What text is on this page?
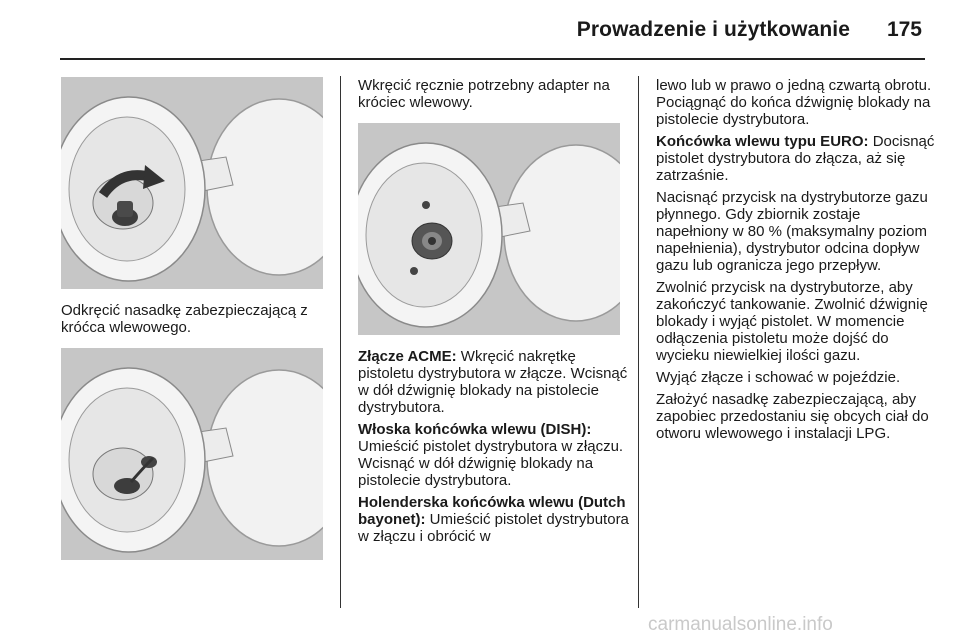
Prowadzenie i użytkowanie 175

Odkręcić nasadkę zabezpieczającą z króćca wlewowego.

Wkręcić ręcznie potrzebny adapter na króciec wlewowy.

Złącze ACME: Wkręcić nakrętkę pistoletu dystrybutora w złącze. Wcisnąć w dół dźwignię blokady na pistolecie dystrybutora.

Włoska końcówka wlewu (DISH): Umieścić pistolet dystrybutora w złączu. Wcisnąć w dół dźwignię blokady na pistolecie dystrybutora.

Holenderska końcówka wlewu (Dutch bayonet): Umieścić pistolet dystrybutora w złączu i obrócić w

lewo lub w prawo o jedną czwartą obrotu. Pociągnąć do końca dźwignię blokady na pistolecie dystrybutora.

Końcówka wlewu typu EURO: Docisnąć pistolet dystrybutora do złącza, aż się zatrzaśnie.

Nacisnąć przycisk na dystrybutorze gazu płynnego. Gdy zbiornik zostaje napełniony w 80 % (maksymalny poziom napełnienia), dystrybutor odcina dopływ gazu lub ogranicza jego przepływ.

Zwolnić przycisk na dystrybutorze, aby zakończyć tankowanie. Zwolnić dźwignię blokady i wyjąć pistolet. W momencie odłączenia pistoletu może dojść do wycieku niewielkiej ilości gazu.

Wyjąć złącze i schować w pojeździe.

Założyć nasadkę zabezpieczającą, aby zapobiec przedostaniu się obcych ciał do otworu wlewowego i instalacji LPG.

carmanualsonline.info
